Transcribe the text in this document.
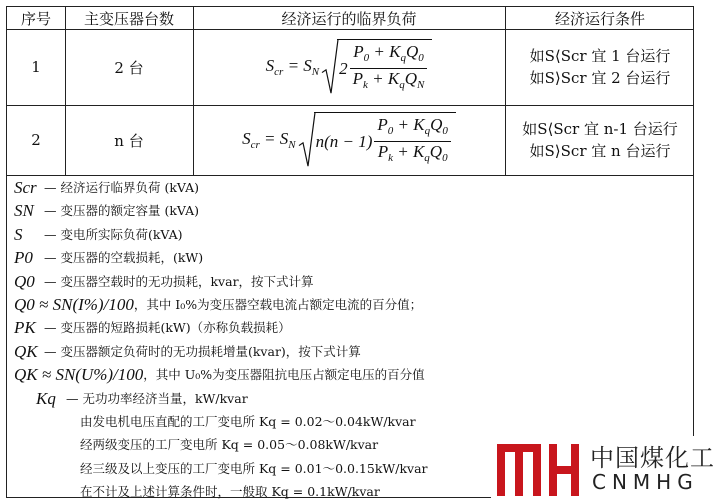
序号	主变压器台数	经济运行的临界负荷	经济运行条件
1	2 台	$S_{cr} = S_N$ $2 \frac{P_0 + K_qQ_0}{P_k + K_qQ_N}$	如S⟨Scr 宜 1 台运行
如S⟩Scr 宜 2 台运行
2	n 台	$S_{cr} = S_N$ $n(n - 1) \frac{P_0 + K_qQ_0}{P_k + K_qQ_0}$	如S⟨Scr 宜 n-1 台运行
如S⟩Scr 宜 n 台运行
Scr — 经济运行临界负荷 (kVA)
SN — 变压器的额定容量 (kVA)
S	— 变电所实际负荷(kVA)
P0 — 变压器的空载损耗，(kW)
Q0 — 变压器空载时的无功损耗，kvar，按下式计算
Q0 ≈ SN(I%)/100 ，其中 I₀%为变压器空载电流占额定电流的百分值；
PK — 变压器的短路损耗(kW)（亦称负载损耗）
QK — 变压器额定负荷时的无功损耗增量(kvar)，按下式计算
QK ≈ SN(U%)/100 ，其中 U₀%为变压器阻抗电压占额定电压的百分值
Kq — 无功功率经济当量，kW/kvar
由发电机电压直配的工厂变电所 Kq = 0.02～0.04kW/kvar
经两级变压的工厂变电所 Kq = 0.05～0.08kW/kvar
经三级及以上变压的工厂变电所 Kq = 0.01～0.0.15kW/kvar
在不计及上述计算条件时，一般取 Kq = 0.1kW/kvar
中国煤化工
CNMHG
